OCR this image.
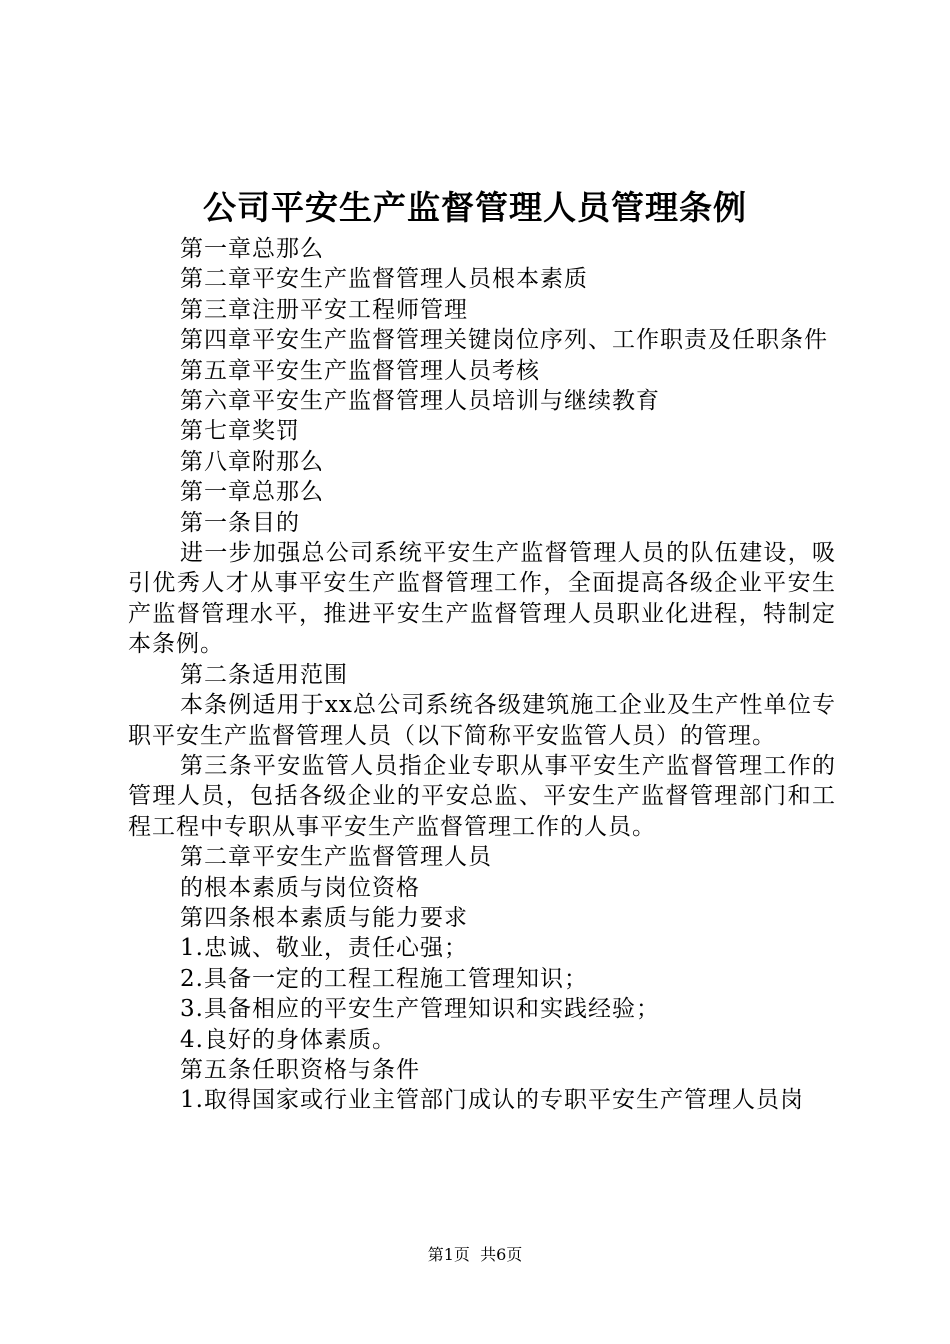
公司平安生产监督管理人员管理条例

第一章总那么

第二章平安生产监督管理人员根本素质

第三章注册平安工程师管理

第四章平安生产监督管理关键岗位序列、工作职责及任职条件

第五章平安生产监督管理人员考核

第六章平安生产监督管理人员培训与继续教育

第七章奖罚

第八章附那么

第一章总那么

第一条目的

进一步加强总公司系统平安生产监督管理人员的队伍建设，吸引优秀人才从事平安生产监督管理工作，全面提高各级企业平安生产监督管理水平，推进平安生产监督管理人员职业化进程，特制定本条例。

第二条适用范围

本条例适用于xx总公司系统各级建筑施工企业及生产性单位专职平安生产监督管理人员（以下简称平安监管人员）的管理。

第三条平安监管人员指企业专职从事平安生产监督管理工作的管理人员，包括各级企业的平安总监、平安生产监督管理部门和工程工程中专职从事平安生产监督管理工作的人员。

第二章平安生产监督管理人员

的根本素质与岗位资格

第四条根本素质与能力要求

1.忠诚、敬业，责任心强；

2.具备一定的工程工程施工管理知识；

3.具备相应的平安生产管理知识和实践经验；

4.良好的身体素质。

第五条任职资格与条件

1.取得国家或行业主管部门成认的专职平安生产管理人员岗

第1页  共6页
